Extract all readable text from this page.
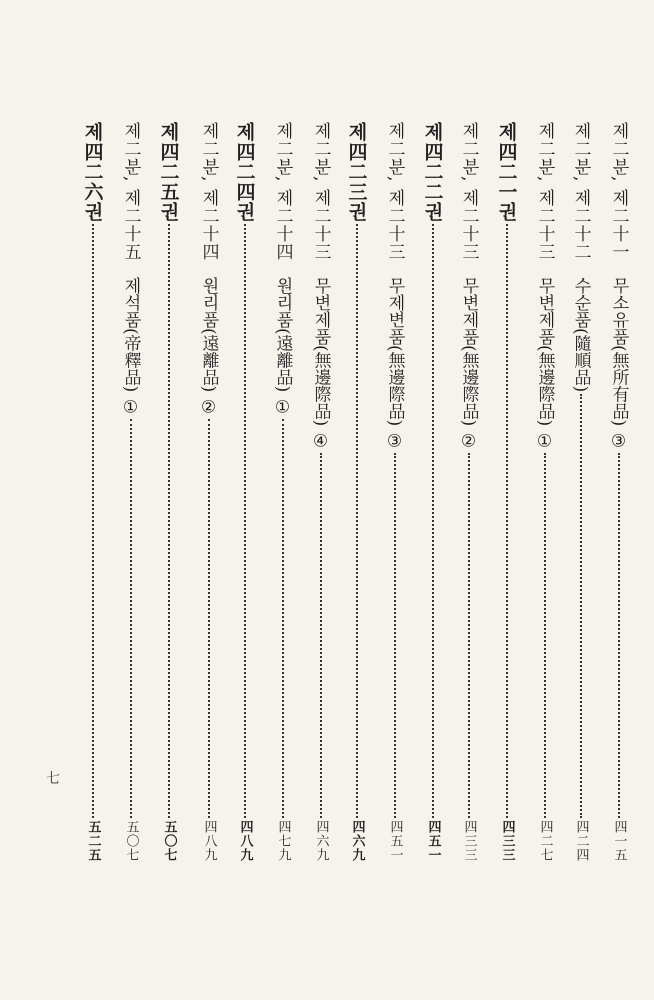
제二분, 제二十一
무소유품(無所有品) ③
四一五
제二분, 제二十二
수순품(隨順品)
四二四
제二분, 제二十三
무변제품(無邊際品) ①
四二七
제四二一권
四三三
제二분, 제二十三
무변제품(無邊際品) ②
四三三
제四二二권
四五一
제二분, 제二十三
무제변품(無邊際品) ③
四五一
제四二三권
四六九
제二분, 제二十三
무변제품(無邊際品) ④
四六九
제二분, 제二十四
원리품(遠離品) ①
四七九
제四二四권
四八九
제二분, 제二十四
원리품(遠離品) ②
四八九
제四二五권
五〇七
제二분, 제二十五
제석품(帝釋品) ①
五〇七
제四二六권
五二五
七
